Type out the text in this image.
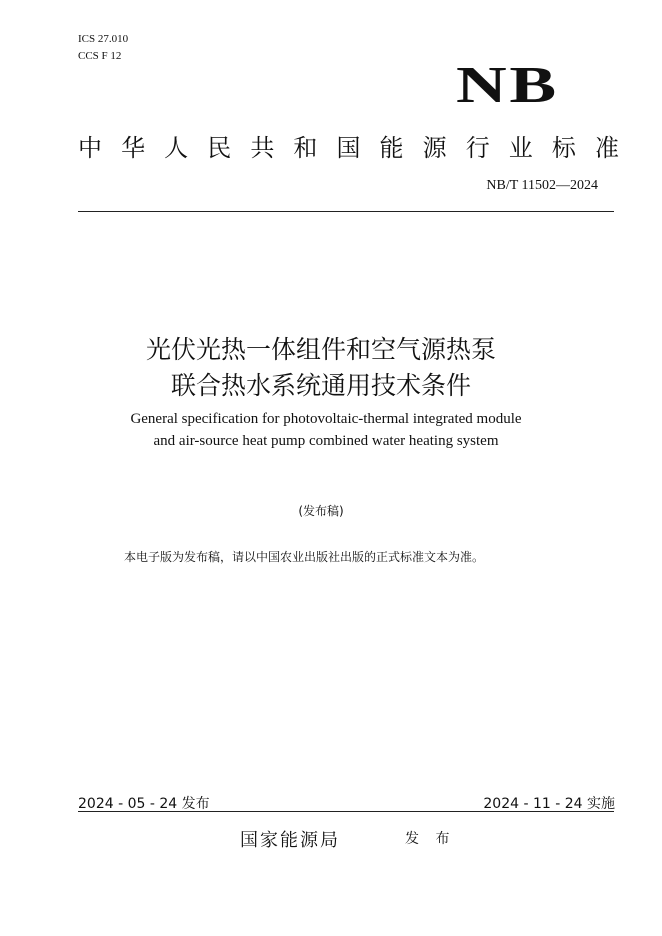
ICS 27.010
CCS F 12
NB
中 华 人 民 共 和 国 能 源 行 业 标 准
NB/T 11502—2024
光伏光热一体组件和空气源热泵
联合热水系统通用技术条件
General specification for photovoltaic-thermal integrated module
and air-source heat pump combined water heating system
(发布稿)
本电子版为发布稿，请以中国农业出版社出版的正式标准文本为准。
2024 - 05 - 24 发布	2024 - 11 - 24 实施
国家能源局	发 布
